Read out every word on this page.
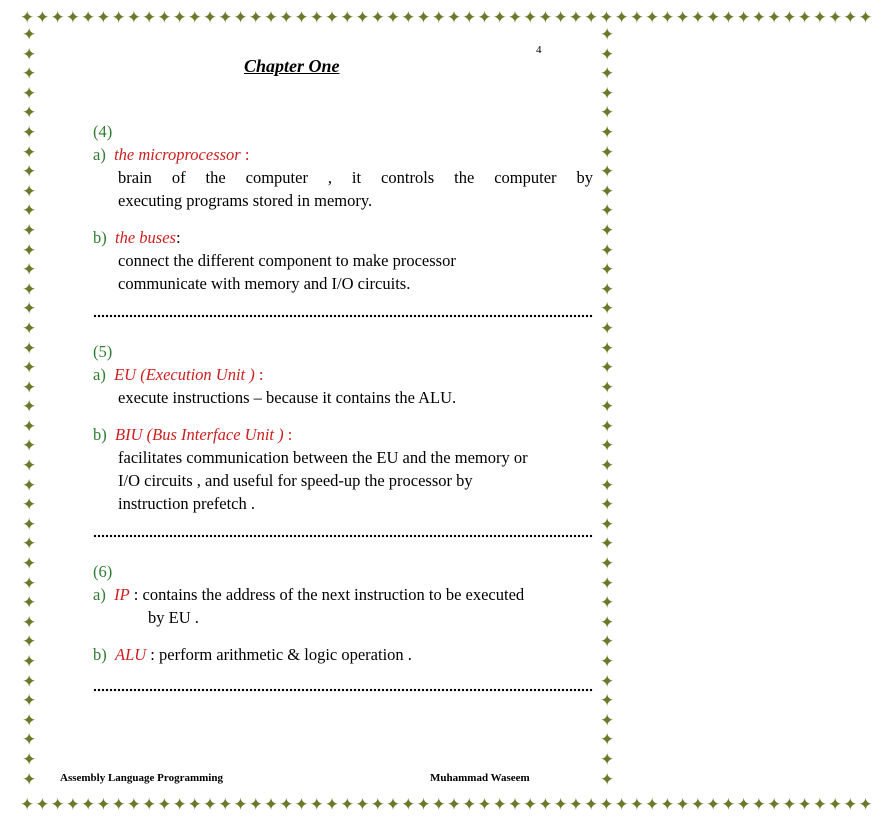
✦✦✦✦✦✦✦✦✦✦✦✦✦✦✦✦✦✦✦✦✦✦✦✦✦✦✦✦✦✦✦✦✦✦✦✦✦✦✦✦✦✦✦✦✦✦✦✦✦✦✦✦✦✦✦✦
✦✦✦✦✦✦✦✦✦✦✦✦✦✦✦✦✦✦✦✦✦✦✦✦✦✦✦✦✦✦✦✦✦✦✦✦✦✦✦✦✦✦✦✦✦✦✦✦✦✦✦✦✦✦✦✦
✦ ✦ ✦ ✦ ✦ ✦ ✦ ✦ ✦ ✦ ✦ ✦ ✦ ✦ ✦ ✦ ✦ ✦ ✦ ✦ ✦ ✦ ✦ ✦ ✦ ✦ ✦ ✦ ✦ ✦ ✦ ✦ ✦ ✦ ✦ ✦ ✦ ✦ ✦
✦ ✦ ✦ ✦ ✦ ✦ ✦ ✦ ✦ ✦ ✦ ✦ ✦ ✦ ✦ ✦ ✦ ✦ ✦ ✦ ✦ ✦ ✦ ✦ ✦ ✦ ✦ ✦ ✦ ✦ ✦ ✦ ✦ ✦ ✦ ✦ ✦ ✦ ✦
4
Chapter One
(4)
a) the microprocessor :
brain of the computer , it controls the computer by
executing programs stored in memory.
b) the buses:
connect the different component to make processor
communicate with memory and I/O circuits.
(5)
a) EU (Execution Unit ) :
execute instructions – because it contains the ALU.
b) BIU (Bus Interface Unit ) :
facilitates communication between the EU and the memory or
I/O circuits , and useful for speed-up the processor by
instruction prefetch .
(6)
a) IP : contains the address of the next instruction to be executed
by EU .
b) ALU : perform arithmetic & logic operation .
Assembly Language Programming	Muhammad Waseem
